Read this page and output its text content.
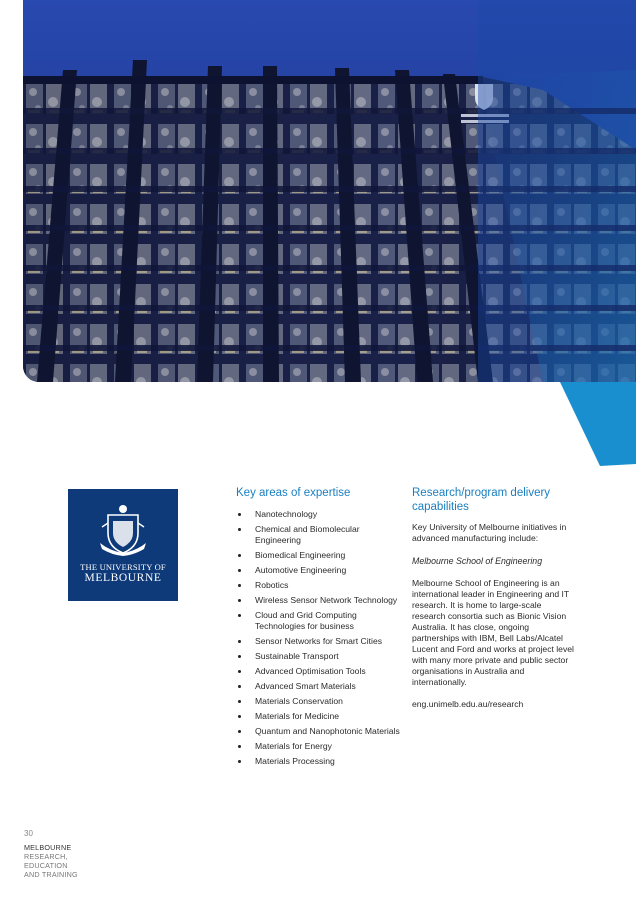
THE UNIVERSITY OF
MELBOURNE
Key areas of expertise
Nanotechnology
Chemical and Biomolecular Engineering
Biomedical Engineering
Automotive Engineering
Robotics
Wireless Sensor Network Technology
Cloud and Grid Computing Technologies for business
Sensor Networks for Smart Cities
Sustainable Transport
Advanced Optimisation Tools
Advanced Smart Materials
Materials Conservation
Materials for Medicine
Quantum and Nanophotonic Materials
Materials for Energy
Materials Processing
Research/program delivery capabilities

Key University of Melbourne initiatives in advanced manufacturing include:

Melbourne School of Engineering

Melbourne School of Engineering is an international leader in Engineering and IT research. It is home to large-scale research consortia such as Bionic Vision Australia. It has close, ongoing partnerships with IBM, Bell Labs/Alcatel Lucent and Ford and works at project level with many more private and public sector organisations in Australia and internationally.

eng.unimelb.edu.au/research

30
MELBOURNE
RESEARCH,
EDUCATION
AND TRAINING
